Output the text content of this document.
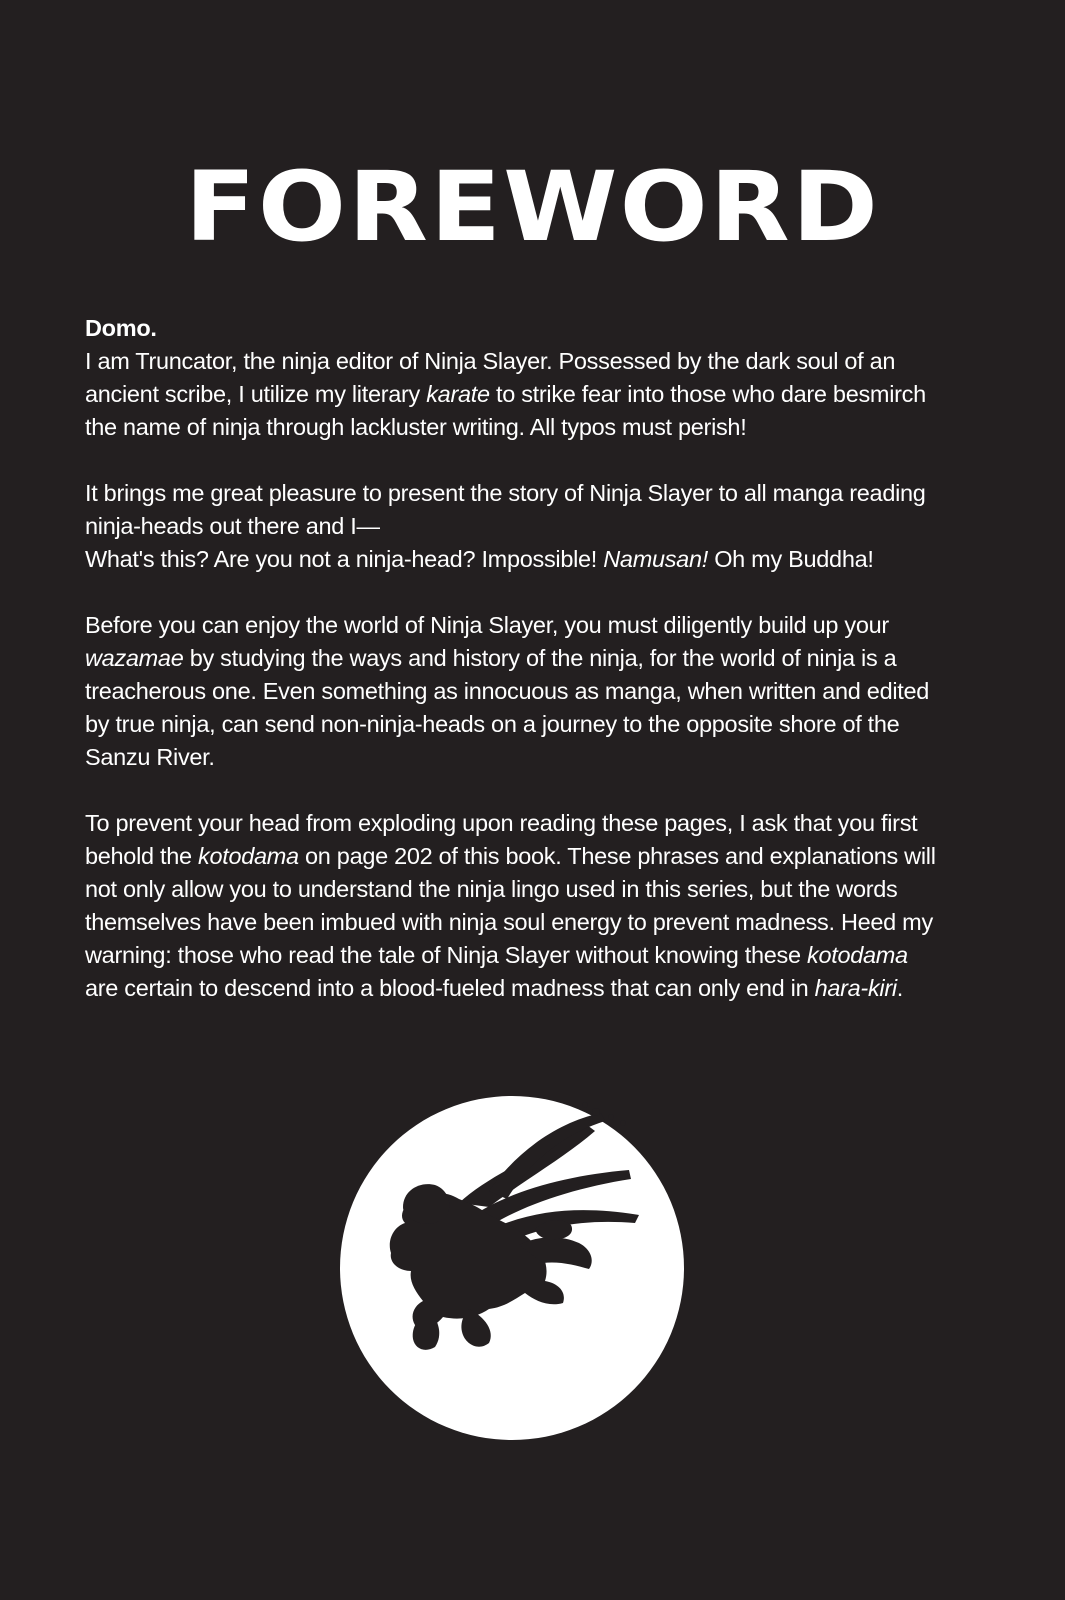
FOREWORD
Domo.

I am Truncator, the ninja editor of Ninja Slayer. Possessed by the dark soul of an
ancient scribe, I utilize my literary karate to strike fear into those who dare besmirch
the name of ninja through lackluster writing. All typos must perish!

It brings me great pleasure to present the story of Ninja Slayer to all manga reading
ninja-heads out there and I—
What's this? Are you not a ninja-head? Impossible! Namusan! Oh my Buddha!

Before you can enjoy the world of Ninja Slayer, you must diligently build up your
wazamae by studying the ways and history of the ninja, for the world of ninja is a
treacherous one. Even something as innocuous as manga, when written and edited
by true ninja, can send non-ninja-heads on a journey to the opposite shore of the
Sanzu River.

To prevent your head from exploding upon reading these pages, I ask that you first
behold the kotodama on page 202 of this book. These phrases and explanations will
not only allow you to understand the ninja lingo used in this series, but the words
themselves have been imbued with ninja soul energy to prevent madness. Heed my
warning: those who read the tale of Ninja Slayer without knowing these kotodama
are certain to descend into a blood-fueled madness that can only end in hara-kiri.
